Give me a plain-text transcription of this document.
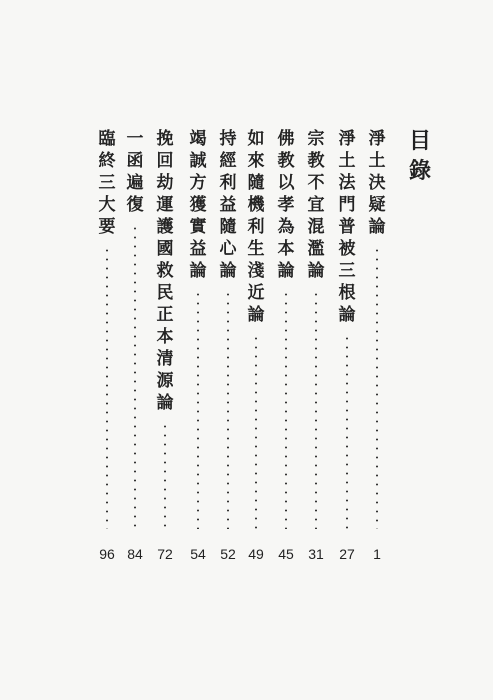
目
錄
淨
土
決
疑
論
1
淨
土
法
門
普
被
三
根
論
27
宗
教
不
宜
混
濫
論
31
佛
教
以
孝
為
本
論
45
如
來
隨
機
利
生
淺
近
論
49
持
經
利
益
隨
心
論
52
竭
誠
方
獲
實
益
論
54
挽
回
劫
運
護
國
救
民
正
本
清
源
論
72
一
函
遍
復
84
臨
終
三
大
要
96
